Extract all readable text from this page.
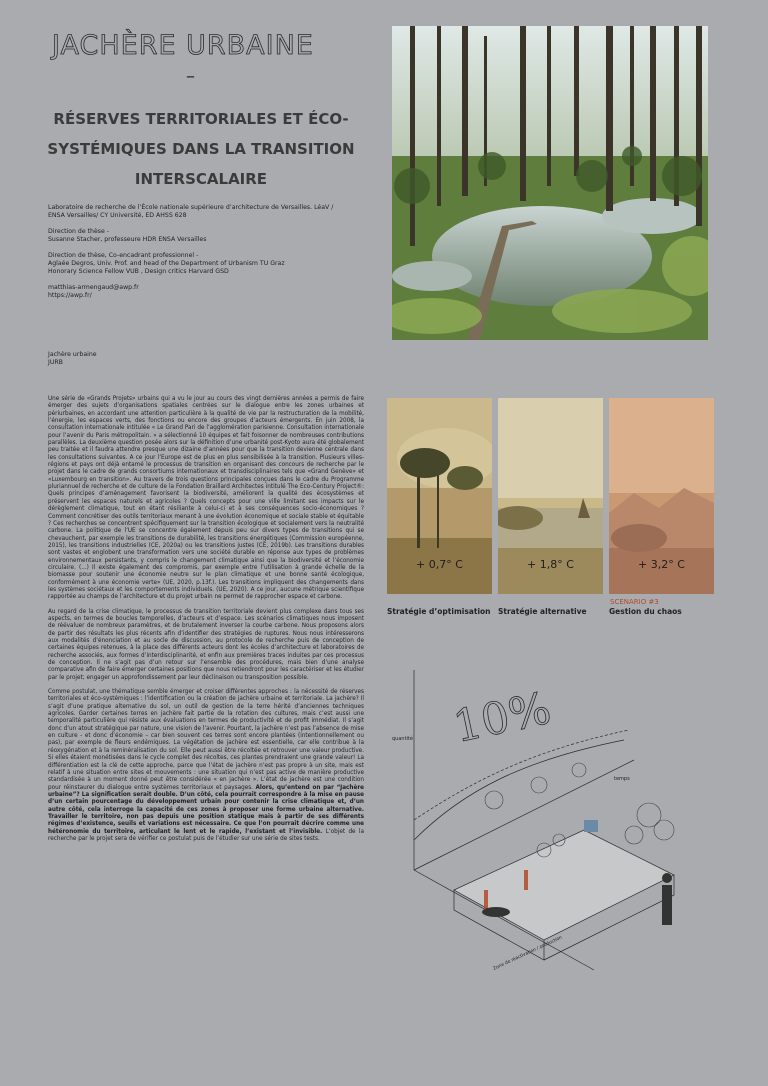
JACHÈRE URBAINE
–
RÉSERVES TERRITORIALES ET ÉCO-SYSTÉMIQUES DANS LA TRANSITION INTERSCALAIRE

Laboratoire de recherche de l’École nationale supérieure d’architecture de Versailles. LéaV / ENSA Versailles/ CY Université, ED AHSS 628

Direction de thèse -
Susanne Stacher, professeure HDR ENSA Versailles

Direction de thèse, Co-encadrant professionnel -
Aglaée Degros, Univ. Prof. and head of the Department of Urbanism TU Graz
Honorary Science Fellow VUB , Design critics Harvard GSD

matthias-armengaud@awp.fr
https://awp.fr/

Jachère urbaine
JURB

Une série de «Grands Projets» urbains qui a vu le jour au cours des vingt dernières années a permis de faire émerger des sujets d’organisations spatiales centrées sur le dialogue entre les zones urbaines et périurbaines, en accordant une attention particulière à la qualité de vie par la restructuration de la mobilité, l’énergie, les espaces verts, des fonctions ou encore des groupes d’acteurs émergents. En juin 2008, la consultation internationale intitulée « Le Grand Pari de l’agglomération parisienne. Consultation internationale pour l’avenir du Paris métropolitain. » a sélectionné 10 équipes et fait foisonner de nombreuses contributions parallèles. La deuxième question posée alors sur la définition d’une urbanité post-Kyoto aura été globalement peu traitée et il faudra attendre presque une dizaine d’années pour que la transition devienne centrale dans les consultations suivantes. A ce jour l’Europe est de plus en plus sensibilisée à la transition. Plusieurs villes-régions et pays ont déjà entamé le processus de transition en organisant des concours de recherche par le projet dans le cadre de grands consortiums internationaux et transdisciplinaires tels que «Grand Genève» et «Luxembourg en transition». Au travers de trois questions principales conçues dans le cadre du Programme pluriannuel de recherche et de culture de la Fondation Braillard Architectes intitulé The Eco-Century Project®: Quels principes d’aménagement favorisent la biodiversité, améliorent la qualité des écosystèmes et préservent les espaces naturels et agricoles ? Quels concepts pour une ville limitant ses impacts sur le dérèglement climatique, tout en étant résiliante à celui-ci et à ses conséquences socio-économiques ? Comment concrétiser des outils territoriaux menant à une évolution économique et sociale stable et équitable ? Ces recherches se concentrent spécifiquement sur la transition écologique et socialement vers la neutralité carbone. La politique de l’UE se concentre également depuis peu sur divers types de transitions qui se chevauchent, par exemple les transitions de durabilité, les transitions énergétiques (Commission européenne, 2015), les transitions industrielles (CE, 2020a) ou les transitions justes (CE, 2019b). Les transitions durables sont vastes et englobent une transformation vers une société durable en réponse aux types de problèmes environnementaux persistants, y compris le changement climatique ainsi que la biodiversité et l’économie circulaire. (...) Il existe également des compromis, par exemple entre l’utilisation à grande échelle de la biomasse pour soutenir une économie neutre sur le plan climatique et une bonne santé écologique, conformément à une économie verte» (UE, 2020, p.13f.). Les transitions impliquent des changements dans les systèmes sociétaux et les comportements individuels. (UE, 2020). A ce jour, aucune métrique scientifique rapportée au champs de l’architecture et du projet urbain ne permet de rapprocher espace et carbone.

Au regard de la crise climatique, le processus de transition territoriale devient plus complexe dans tous ses aspects, en termes de boucles temporelles, d’acteurs et d’espace. Les scénarios climatiques nous imposent de réévaluer de nombreux paramètres, et de brutalement inverser la courbe carbone. Nous proposons alors de partir des résultats les plus récents afin d’identifier des stratégies de ruptures. Nous nous intéresserons aux modalités d’énonciation et au socle de discussion, au protocole de recherche puis de conception de certaines équipes retenues, à la place des différents acteurs dont les écoles d’architecture et laboratoires de recherche associés, aux formes d’interdisciplinarité, et enfin aux premières traces induites par ces processus de conception. Il ne s’agit pas d’un retour sur l’ensemble des procédures, mais bien d’une analyse comparative afin de faire émerger certaines positions que nous retiendront pour les caractériser et les étudier par le projet; engager un approfondissement par leur déclinaison ou transposition possible.

Comme postulat, une thématique semble émerger et croiser différentes approches : la nécessité de réserves territoriales et éco-systémiques : l’identification ou la création de jachère urbaine et territoriale. La jachère? Il s’agit d’une pratique alternative du sol, un outil de gestion de la terre hérité d’anciennes techniques agricoles. Garder certaines terres en jachère fait partie de la rotation des cultures, mais c’est aussi une temporalité particulière qui résiste aux évaluations en termes de productivité et de profit immédiat. Il s’agit donc d’un atout stratégique par nature, une vision de l’avenir. Pourtant, la jachère n’est pas l’absence de mise en culture - et donc d’économie – car bien souvent ces terres sont encore plantées (intentionnellement ou pas), par exemple de fleurs endémiques. La végétation de jachère est essentielle, car elle contribue à la réoxygénation et à la reminéralisation du sol. Elle peut aussi être récoltée et retrouver une valeur productive. Si elles étaient monétisées dans le cycle complet des récoltes, ces plantes prendraient une grande valeur! La différentiation est la clé de cette approche, parce que l’état de jachère n’est pas propre à un site, mais est relatif à une situation entre sites et mouvements : une situation qui n’est pas active de manière productive standardisée à un moment donné peut être considérée « en jachère ». L’état de jachère est une condition pour réinstaurer du dialogue entre systèmes territoriaux et paysages. Alors, qu’entend on par “Jachère urbaine”? La signification serait double. D’un côté, cela pourrait correspondre à la mise en pause d’un certain pourcentage du développement urbain pour contenir la crise climatique et, d’un autre côté, cela interroge la capacité de ces zones à proposer une forme urbaine alternative. Travailler le territoire, non pas depuis une position statique mais à partir de ses différents régimes d’existence, seuils et variations est nécessaire. Ce que l’on pourrait décrire comme une hétéronomie du territoire, articulant le lent et le rapide, l’existant et l’invisible. L’objet de la recherche par le projet sera de vérifier ce postulat puis de l’étudier sur une série de sites tests.

+ 0,7° C	+ 1,8° C	+ 3,2° C
SCENARIO #3
Stratégie d’optimisation Stratégie alternative	Gestion du chaos
10%
quantité
temps
Zone de réactivation / production
